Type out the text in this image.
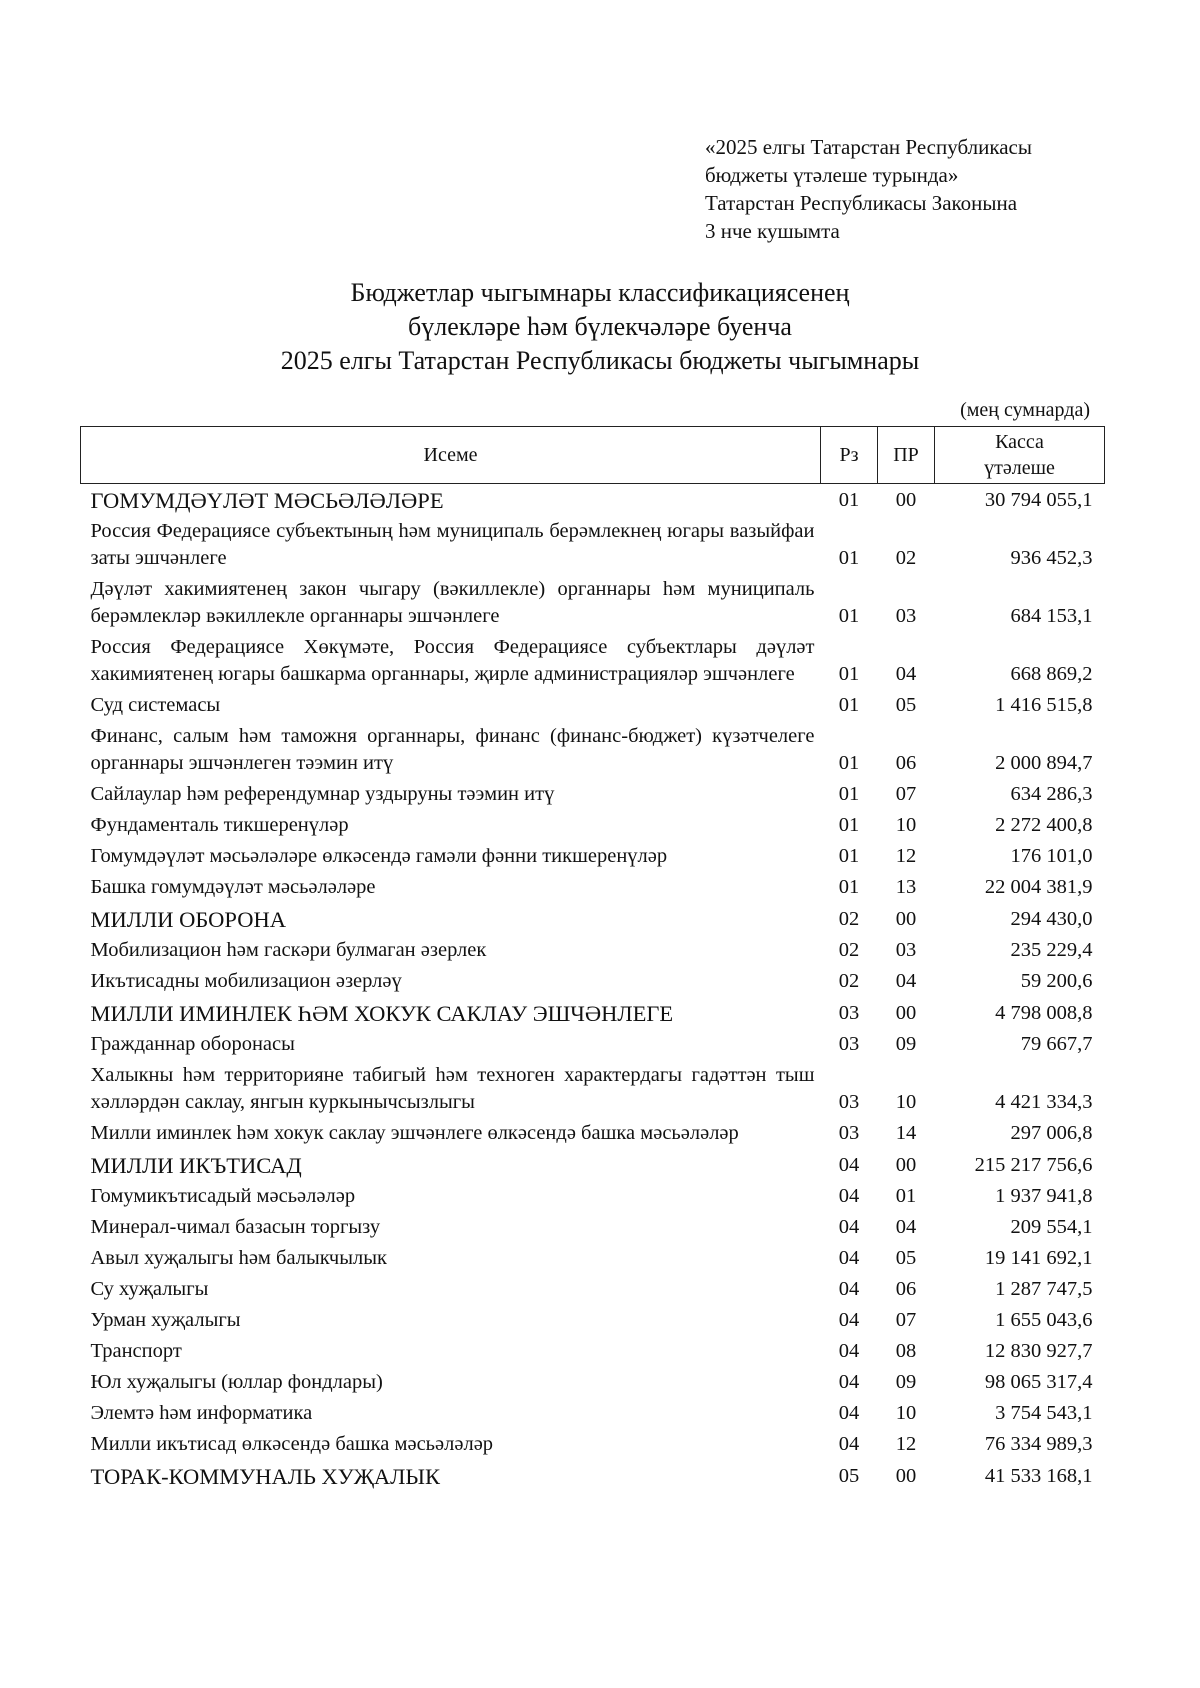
«2025 елгы Татарстан Республикасы
бюджеты үтәлеше турында»
Татарстан Республикасы Законына
3 нче кушымта
Бюджетлар чыгымнары классификациясенең
бүлекләре һәм бүлекчәләре буенча
2025 елгы Татарстан Республикасы бюджеты чыгымнары
(мең сумнарда)
Исеме	Рз	ПР	Касса
үтәлеше

ГОМУМДӘҮЛӘТ МӘСЬӘЛӘЛӘРЕ	01	00	30 794 055,1
Россия Федерациясе субъектының һәм муниципаль берәмлекнең югары вазыйфаи заты эшчәнлеге	01	02	936 452,3
Дәүләт хакимиятенең закон чыгару (вәкиллекле) органнары һәм муниципаль берәмлекләр вәкиллекле органнары эшчәнлеге	01	03	684 153,1
Россия Федерациясе Хөкүмәте, Россия Федерациясе субъектлары дәүләт хакимиятенең югары башкарма органнары, җирле администрацияләр эшчәнлеге	01	04	668 869,2
Суд системасы	01	05	1 416 515,8
Финанс, салым һәм таможня органнары, финанс (финанс-бюджет) күзәтчелеге органнары эшчәнлеген тәэмин итү	01	06	2 000 894,7
Сайлаулар һәм референдумнар уздыруны тәэмин итү	01	07	634 286,3
Фундаменталь тикшеренүләр	01	10	2 272 400,8
Гомумдәүләт мәсьәләләре өлкәсендә гамәли фәнни тикшеренүләр	01	12	176 101,0
Башка гомумдәүләт мәсьәләләре	01	13	22 004 381,9
МИЛЛИ ОБОРОНА	02	00	294 430,0
Мобилизацион һәм гаскәри булмаган әзерлек	02	03	235 229,4
Икътисадны мобилизацион әзерләү	02	04	59 200,6
МИЛЛИ ИМИНЛЕК ҺӘМ ХОКУК САКЛАУ ЭШЧӘНЛЕГЕ	03	00	4 798 008,8
Гражданнар оборонасы	03	09	79 667,7
Халыкны һәм территорияне табигый һәм техноген характердагы гадәттән тыш хәлләрдән саклау, янгын куркынычсызлыгы	03	10	4 421 334,3
Милли иминлек һәм хокук саклау эшчәнлеге өлкәсендә башка мәсьәләләр	03	14	297 006,8
МИЛЛИ ИКЪТИСАД	04	00	215 217 756,6
Гомумикътисадый мәсьәләләр	04	01	1 937 941,8
Минерал-чимал базасын торгызу	04	04	209 554,1
Авыл хуҗалыгы һәм балыкчылык	04	05	19 141 692,1
Су хуҗалыгы	04	06	1 287 747,5
Урман хуҗалыгы	04	07	1 655 043,6
Транспорт	04	08	12 830 927,7
Юл хуҗалыгы (юллар фондлары)	04	09	98 065 317,4
Элемтә һәм информатика	04	10	3 754 543,1
Милли икътисад өлкәсендә башка мәсьәләләр	04	12	76 334 989,3
ТОРАК-КОММУНАЛЬ ХУҖАЛЫК	05	00	41 533 168,1
